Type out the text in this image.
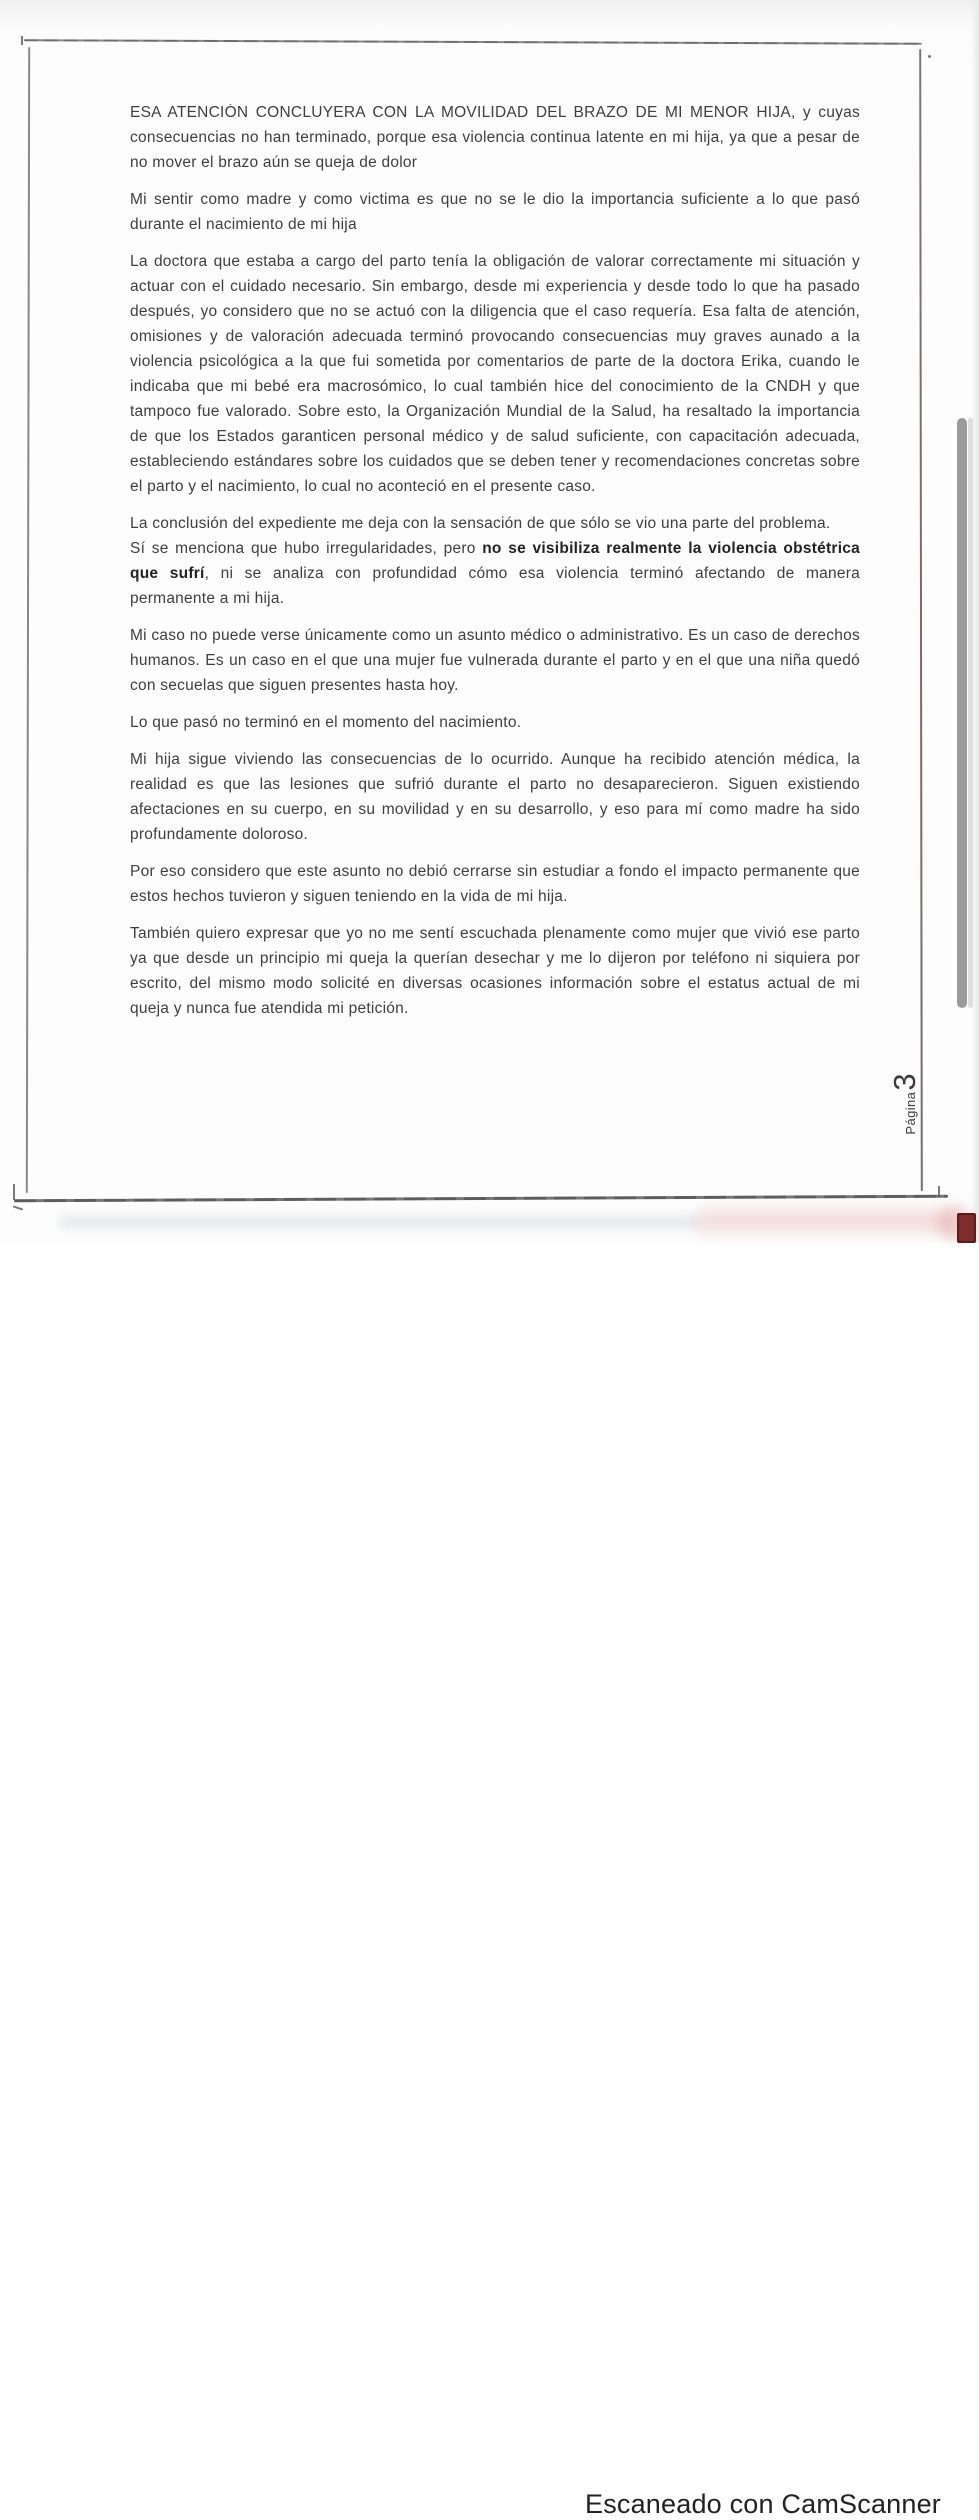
ESA ATENCIÓN CONCLUYERA CON LA MOVILIDAD DEL BRAZO DE MI MENOR HIJA, y cuyas consecuencias no han terminado, porque esa violencia continua latente en mi hija, ya que a pesar de no mover el brazo aún se queja de dolor

Mi sentir como madre y como victima es que no se le dio la importancia suficiente a lo que pasó durante el nacimiento de mi hija

La doctora que estaba a cargo del parto tenía la obligación de valorar correctamente mi situación y actuar con el cuidado necesario. Sin embargo, desde mi experiencia y desde todo lo que ha pasado después, yo considero que no se actuó con la diligencia que el caso requería. Esa falta de atención, omisiones y de valoración adecuada terminó provocando consecuencias muy graves aunado a la violencia psicológica a la que fui sometida por comentarios de parte de la doctora Erika, cuando le indicaba que mi bebé era macrosómico, lo cual también hice del conocimiento de la CNDH y que tampoco fue valorado. Sobre esto, la Organización Mundial de la Salud, ha resaltado la importancia de que los Estados garanticen personal médico y de salud suficiente, con capacitación adecuada, estableciendo estándares sobre los cuidados que se deben tener y recomendaciones concretas sobre el parto y el nacimiento, lo cual no aconteció en el presente caso.

La conclusión del expediente me deja con la sensación de que sólo se vio una parte del problema.

Sí se menciona que hubo irregularidades, pero no se visibiliza realmente la violencia obstétrica que sufrí, ni se analiza con profundidad cómo esa violencia terminó afectando de manera permanente a mi hija.

Mi caso no puede verse únicamente como un asunto médico o administrativo. Es un caso de derechos humanos. Es un caso en el que una mujer fue vulnerada durante el parto y en el que una niña quedó con secuelas que siguen presentes hasta hoy.

Lo que pasó no terminó en el momento del nacimiento.

Mi hija sigue viviendo las consecuencias de lo ocurrido. Aunque ha recibido atención médica, la realidad es que las lesiones que sufrió durante el parto no desaparecieron. Siguen existiendo afectaciones en su cuerpo, en su movilidad y en su desarrollo, y eso para mí como madre ha sido profundamente doloroso.

Por eso considero que este asunto no debió cerrarse sin estudiar a fondo el impacto permanente que estos hechos tuvieron y siguen teniendo en la vida de mi hija.

También quiero expresar que yo no me sentí escuchada plenamente como mujer que vivió ese parto ya que desde un principio mi queja la querían desechar y me lo dijeron por teléfono ni siquiera por escrito, del mismo modo solicité en diversas ocasiones información sobre el estatus actual de mi queja y nunca fue atendida mi petición.

Página
3
Escaneado con CamScanner
